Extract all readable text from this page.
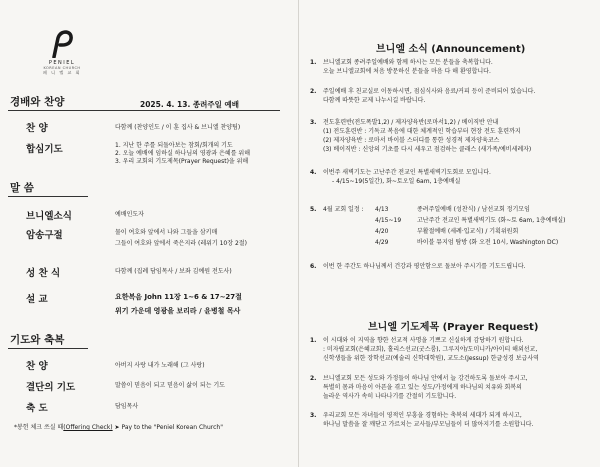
PENIEL
KOREAN CHURCH
페 니 엘 교 회
경배와 찬양	2025. 4. 13. 종려주일 예배
찬 양	다함께 (찬양인도 / 이 훈 집사 & 브니엘 찬양팀)
합심기도	1. 지난 한 주를 되돌아보는 참회/회개의 기도
2. 오늘 예배에 임하실 하나님의 영광과 은혜를 위해
3. 우리 교회의 기도제목(Prayer Request)을 위해
말 씀
브니엘소식	예배인도자
암송구절	물이 여호와 앞에서 나와 그들을 삼키매
그들이 여호와 앞에서 죽은지라 (레위기 10장 2절)
성 찬 식	다함께 (집례 담임목사 / 보좌 김예원 전도사)
설 교	요한복음 John 11장 1~6 & 17~27절
위기 가운데 영광을 보리라 / 윤병철 목사
기도와 축복
찬 양	아버지 사랑 내가 노래해 (그 사랑)
결단의 기도	말씀이 믿음이 되고 믿음이 삶이 되는 기도
축 도	담임목사
*봉헌 체크 쓰실 때(Offering Check) ➤ Pay to the "Peniel Korean Church"
브니엘 소식 (Announcement)
1. 브니엘교회 종려주일예배와 함께 하시는 모든 분들을 축복합니다.
오늘 브니엘교회에 처음 방문하신 분들을 마음 다 해 환영합니다.
2. 주일예배 후 친교실로 이동하시면, 점심식사와 음료/커피 등이 준비되어 있습니다.
다함께 따뜻한 교제 나누시길 바랍니다.
3. 전도훈련반(전도폭발1,2) / 제자양육반(로마서1,2) / 베이직반 안내
(1) 전도훈련반 : 기독교 복음에 대한 체계적인 학습부터 현장 전도 훈련까지
(2) 제자양육반 : 로마서 바이블 스터디를 통한 성경적 제자양육코스
(3) 베이직반 : 신앙의 기초를 다시 세우고 점검하는 클래스 (새가족/예비세례자)
4. 이번주 새벽기도는 고난주간 전교인 특별새벽기도회로 모입니다.
- 4/15~19(5일간), 화~토오일 6am, 1층예배실
5. 4월 교회 일정 : 4/13	종려주일예배 (성찬식) / 남선교회 정기모임
4/15~19	고난주간 전교인 특별새벽기도 (화~토 6am, 1층예배실)
4/20	부활절예배 (세례·입교식) / 기획위원회
4/29	바이블 뮤지엄 탐방 (화 오전 10시, Washington DC)
6. 이번 한 주간도 하나님께서 건강과 평안함으로 돌보아 주시기를 기도드립니다.
브니엘 기도제목 (Prayer Request)
1. 이 시대와 이 지역을 향한 선교적 사명을 기쁘고 신실하게 감당하기 원합니다.
: 미자립교회(은혜교회), 홀리스선교(굿스룸), 그루지야/도미니카/아이티 해외선교,
신학생들을 위한 장학선교(예술리 신학대학원), 교도소(Jessup) 한글성경 보급사역
2. 브니엘교회 모든 성도와 가정들이 하나님 안에서 늘 강건하도록 돌보아 주시고,
특별히 몸과 마음이 아픈을 겪고 있는 성도/가정에게 하나님의 치유와 회복의
놀라운 역사가 속히 나타나기를 간절히 기도합니다.
3. 우리교회 모든 자녀들이 영적인 부흥을 경험하는 축복의 세대가 되게 하시고,
하나님 말씀을 잘 깨닫고 가르치는 교사들/부모님들이 더 많아지기를 소원합니다.
